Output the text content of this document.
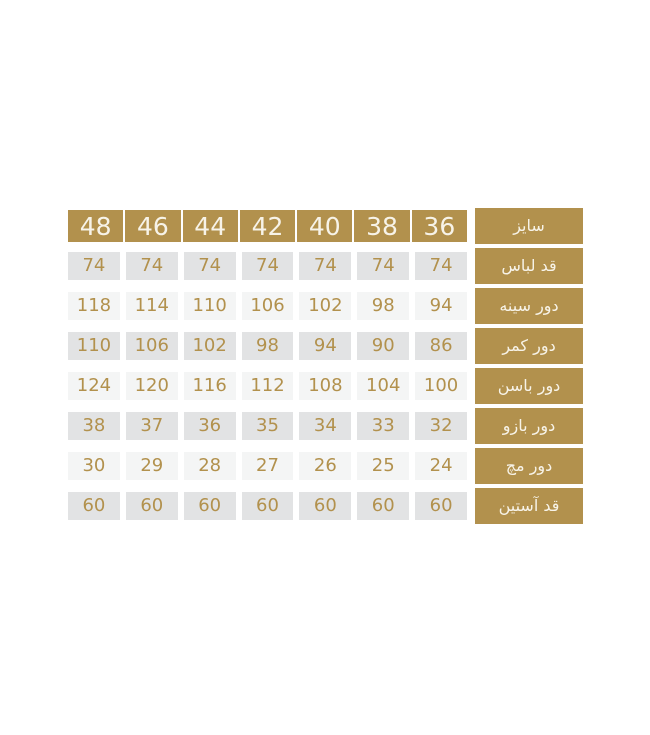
48	46	44	42	40	38	36	سایز
74	74	74	74	74	74	74	قد لباس
118	114	110	106	102	98	94	دور سینه
110	106	102	98	94	90	86	دور کمر
124	120	116	112	108	104	100	دور باسن
38	37	36	35	34	33	32	دور بازو
30	29	28	27	26	25	24	دور مچ
60	60	60	60	60	60	60	قد آستین
